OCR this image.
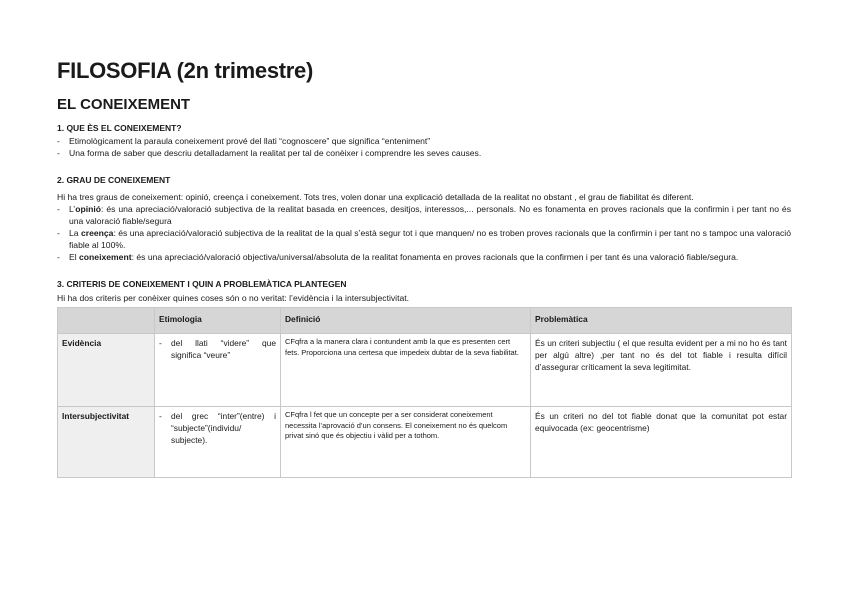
FILOSOFIA (2n trimestre)
EL CONEIXEMENT

1. QUE ÈS EL CONEIXEMENT?

- Etimològicament la paraula coneixement prové del llati “cognoscere” que significa “enteniment”
- Una forma de saber que descriu detalladament la realitat per tal de conèixer i comprendre les seves causes.

2. GRAU DE CONEIXEMENT

Hi ha tres graus de coneixement: opinió, creença i coneixement. Tots tres, volen donar una explicació detallada de la realitat no obstant , el grau de fiabilitat és diferent.

- L’opinió: és una apreciació/valoració subjectiva de la realitat basada en creences, desitjos, interessos,... personals. No es fonamenta en proves racionals que la confirmin i per tant no és una valoració fiable/segura
- La creença: és una apreciació/valoració subjectiva de la realitat de la qual s’està segur tot i que manquen/ no es troben proves racionals que la confirmin i per tant no s tampoc una valoració fiable al 100%.
- El coneixement: és una apreciació/valoració objectiva/universal/absoluta de la realitat fonamenta en proves racionals que la confirmen i per tant és una valoració fiable/segura.

3. CRITERIS DE CONEIXEMENT I QUIN A PROBLEMÀTICA PLANTEGEN

Hi ha dos criteris per conèixer quines coses són o no veritat: l’evidència i la intersubjectivitat.

	Etimologia	Definició	Problemàtica
Evidència	- del llati “videre” que significa “veure”	CFqfra a la manera clara i contundent amb la que es presenten cert fets. Proporciona una certesa que impedeix dubtar de la seva fiabilitat.	És un criteri subjectiu ( el que resulta evident per a mi no ho és tant per algú altre) ,per tant no és del tot fiable i resulta difícil d’assegurar críticament la seva legitimitat.
Intersubjectivitat	- del grec “inter”(entre) i “subjecte”(individu/ subjecte).	CFqfra l fet que un concepte per a ser considerat coneixement necessita l’aprovació d’un consens. El coneixement no és quelcom privat sinó que és objectiu i vàlid per a tothom.	És un criteri no del tot fiable donat que la comunitat pot estar equivocada (ex: geocentrisme)
